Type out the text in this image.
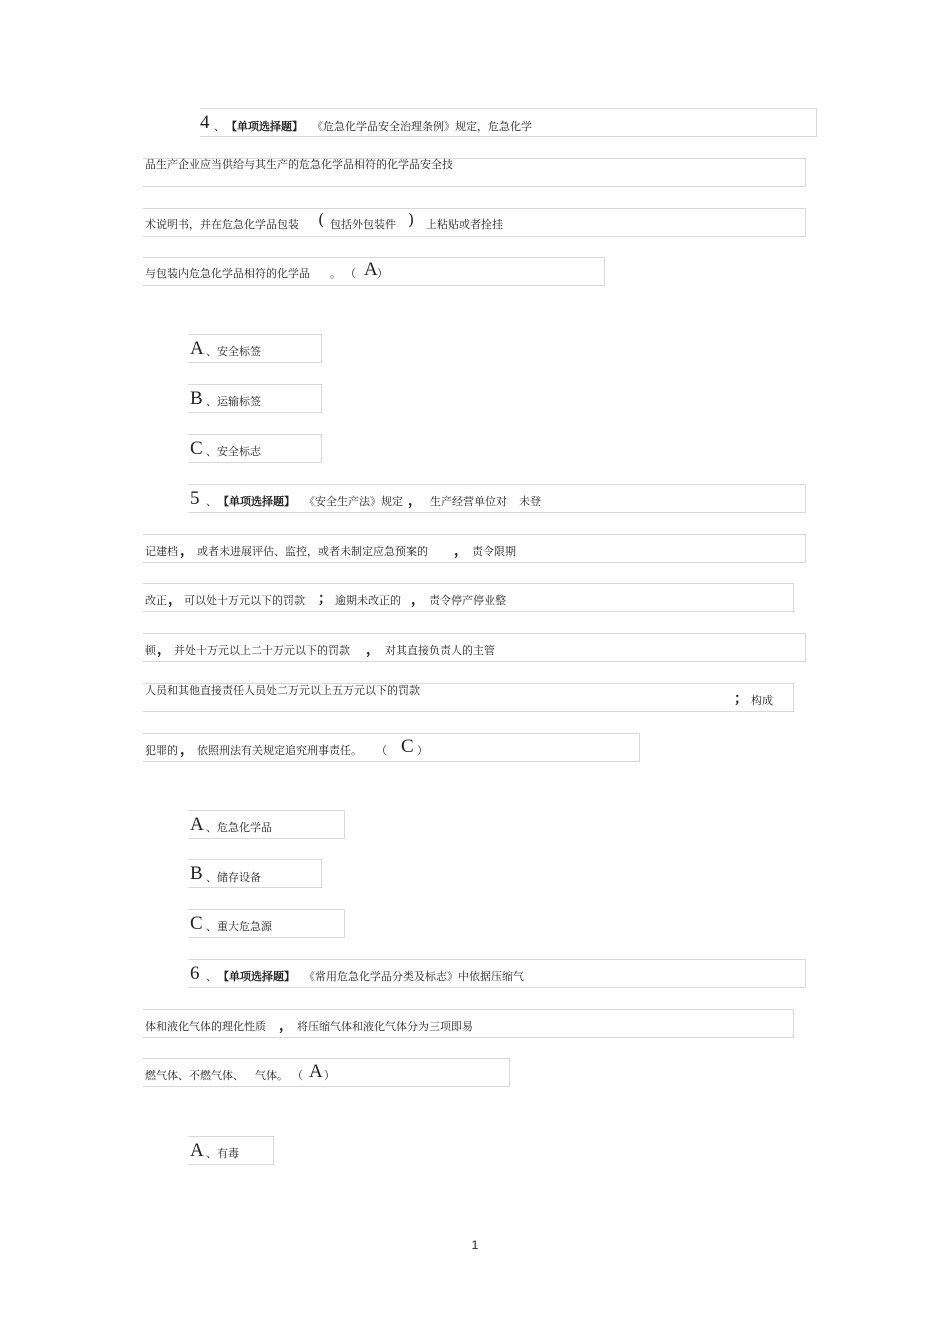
4 、 【单项选择题】 《危急化学品安全治理条例》规定，危急化学
品生产企业应当供给与其生产的危急化学品相符的化学品安全技
术说明书，并在危急化学品包装 ( 包括外包装件 ) 上粘贴或者拴挂
与包装内危急化学品相符的化学品 。 （ A ）
A 、安全标签
B 、运输标签
C 、安全标志
5 、 【单项选择题】 《安全生产法》规定 ， 生产经营单位对 未登
记建档 ， 或者未进展评估、监控，或者未制定应急预案的 ， 责令限期
改正 ， 可以处十万元以下的罚款 ； 逾期未改正的 ， 责令停产停业整
顿 ， 并处十万元以上二十万元以下的罚款 ， 对其直接负责人的主管
人员和其他直接责任人员处二万元以上五万元以下的罚款
； 构成
犯罪的 ， 依照刑法有关规定追究刑事责任。 （ C ）
A 、危急化学品
B 、储存设备
C 、重大危急源
6 、 【单项选择题】 《常用危急化学品分类及标志》中依据压缩气
体和液化气体的理化性质 ， 将压缩气体和液化气体分为三项即易
燃气体、不燃气体、 气体。 （ A ）
A 、有毒
1
